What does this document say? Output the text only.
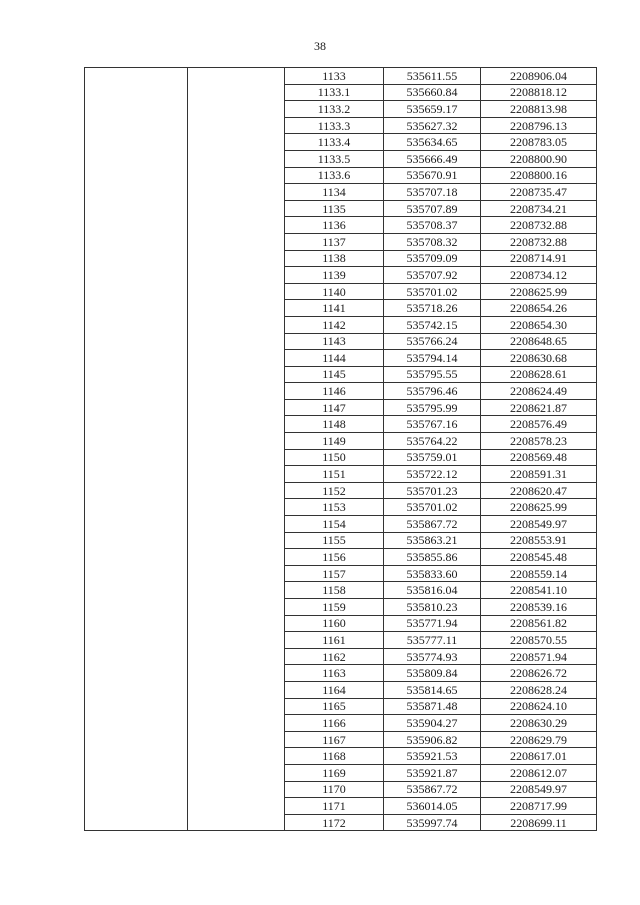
38
		1133	535611.55	2208906.04
		1133.1	535660.84	2208818.12
		1133.2	535659.17	2208813.98
		1133.3	535627.32	2208796.13
		1133.4	535634.65	2208783.05
		1133.5	535666.49	2208800.90
		1133.6	535670.91	2208800.16
		1134	535707.18	2208735.47
		1135	535707.89	2208734.21
		1136	535708.37	2208732.88
		1137	535708.32	2208732.88
		1138	535709.09	2208714.91
		1139	535707.92	2208734.12
		1140	535701.02	2208625.99
		1141	535718.26	2208654.26
		1142	535742.15	2208654.30
		1143	535766.24	2208648.65
		1144	535794.14	2208630.68
		1145	535795.55	2208628.61
		1146	535796.46	2208624.49
		1147	535795.99	2208621.87
		1148	535767.16	2208576.49
		1149	535764.22	2208578.23
		1150	535759.01	2208569.48
		1151	535722.12	2208591.31
		1152	535701.23	2208620.47
		1153	535701.02	2208625.99
		1154	535867.72	2208549.97
		1155	535863.21	2208553.91
		1156	535855.86	2208545.48
		1157	535833.60	2208559.14
		1158	535816.04	2208541.10
		1159	535810.23	2208539.16
		1160	535771.94	2208561.82
		1161	535777.11	2208570.55
		1162	535774.93	2208571.94
		1163	535809.84	2208626.72
		1164	535814.65	2208628.24
		1165	535871.48	2208624.10
		1166	535904.27	2208630.29
		1167	535906.82	2208629.79
		1168	535921.53	2208617.01
		1169	535921.87	2208612.07
		1170	535867.72	2208549.97
		1171	536014.05	2208717.99
		1172	535997.74	2208699.11
